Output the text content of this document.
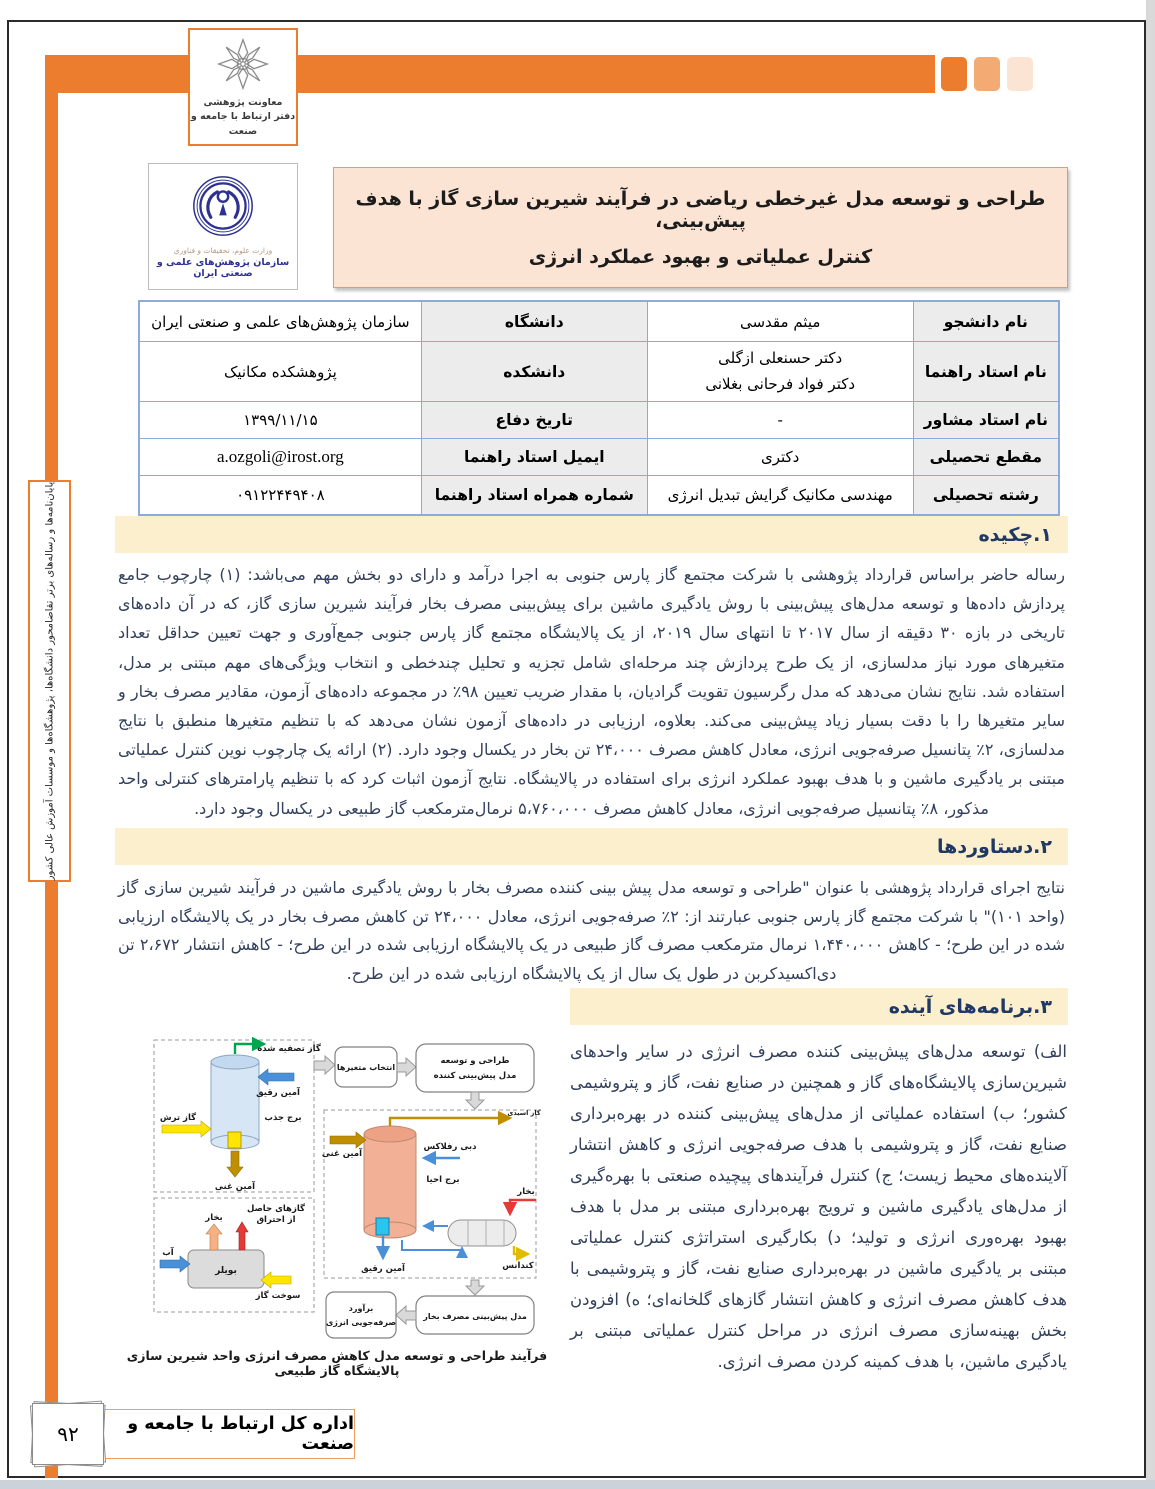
معاونت پژوهشی
دفتر ارتباط با جامعه و صنعت
پایان‌نامه‌ها و رساله‌های برتر تقاضامحور دانشگاه‌ها، پژوهشگاه‌ها و موسسات آموزش عالی کشور
وزارت علوم، تحقیقات و فناوری
سازمان پژوهش‌های علمی و صنعتی ایران
طراحی و توسعه مدل غیرخطی ریاضی در فرآیند شیرین سازی گاز با هدف پیش‌بینی،
کنترل عملیاتی و بهبود عملکرد انرژی
نام دانشجو
میثم مقدسی
دانشگاه
سازمان پژوهش‌های علمی و صنعتی ایران
نام استاد راهنما
دکتر حسنعلی ازگلی
دکتر فواد فرحانی بغلانی
دانشکده
پژوهشکده مکانیک
نام استاد مشاور
-
تاریخ دفاع
۱۳۹۹/۱۱/۱۵
مقطع تحصیلی
دکتری
ایمیل استاد راهنما
a.ozgoli@irost.org
رشته تحصیلی
مهندسی مکانیک گرایش تبدیل انرژی
شماره همراه استاد راهنما
۰۹۱۲۲۴۴۹۴۰۸
۱.چکیده
رساله حاضر براساس قرارداد پژوهشی با شرکت مجتمع گاز پارس جنوبی به اجرا درآمد و دارای دو بخش مهم می‌باشد: (۱) چارچوب جامع پردازش داده‌ها و توسعه مدل‌های پیش‌بینی با روش یادگیری ماشین برای پیش‌بینی مصرف بخار فرآیند شیرین سازی گاز، که در آن داده‌های تاریخی در بازه ۳۰ دقیقه از سال ۲۰۱۷ تا انتهای سال ۲۰۱۹، از یک پالایشگاه مجتمع گاز پارس جنوبی جمع‌آوری و جهت تعیین حداقل تعداد متغیرهای مورد نیاز مدلسازی، از یک طرح پردازش چند مرحله‌ای شامل تجزیه و تحلیل چندخطی و انتخاب ویژگی‌های مهم مبتنی بر مدل، استفاده شد. نتایج نشان می‌دهد که مدل رگرسیون تقویت گرادیان، با مقدار ضریب تعیین ۹۸٪ در مجموعه داده‌های آزمون، مقادیر مصرف بخار و سایر متغیرها را با دقت بسیار زیاد پیش‌بینی می‌کند. بعلاوه، ارزیابی در داده‌های آزمون نشان می‌دهد که با تنظیم متغیرها منطبق با نتایج مدلسازی، ۲٪ پتانسیل صرفه‌جویی انرژی، معادل کاهش مصرف ۲۴،۰۰۰ تن بخار در یکسال وجود دارد. (۲) ارائه یک چارچوب نوین کنترل عملیاتی مبتنی بر یادگیری ماشین و با هدف بهبود عملکرد انرژی برای استفاده در پالایشگاه. نتایج آزمون اثبات کرد که با تنظیم پارامترهای کنترلی واحد مذکور، ۸٪ پتانسیل صرفه‌جویی انرژی، معادل کاهش مصرف ۵،۷۶۰،۰۰۰ نرمال‌مترمکعب گاز طبیعی در یکسال وجود دارد.
۲.دستاوردها
نتایج اجرای قرارداد پژوهشی با عنوان "طراحی و توسعه مدل پیش بینی کننده مصرف بخار با روش یادگیری ماشین در فرآیند شیرین سازی گاز (واحد ۱۰۱)" با شرکت مجتمع گاز پارس جنوبی عبارتند از: ۲٪ صرفه‌جویی انرژی، معادل ۲۴،۰۰۰ تن کاهش مصرف بخار در یک پالایشگاه ارزیابی شده در این طرح؛ - کاهش ۱،۴۴۰،۰۰۰ نرمال مترمکعب مصرف گاز طبیعی در یک پالایشگاه ارزیابی شده در این طرح؛ - کاهش انتشار ۲،۶۷۲ تن دی‌اکسیدکربن در طول یک سال از یک پالایشگاه ارزیابی شده در این طرح.
۳.برنامه‌های آینده
الف) توسعه مدل‌های پیش‌بینی کننده مصرف انرژی در سایر واحدهای شیرین‌سازی پالایشگاه‌های گاز و همچنین در صنایع نفت، گاز و پتروشیمی کشور؛ ب) استفاده عملیاتی از مدل‌های پیش‌بینی کننده در بهره‌برداری صنایع نفت، گاز و پتروشیمی با هدف صرفه‌جویی انرژی و کاهش انتشار آلاینده‌های محیط زیست؛ ج) کنترل فرآیندهای پیچیده صنعتی با بهره‌گیری از مدل‌های یادگیری ماشین و ترویج بهره‌برداری مبتنی بر مدل با هدف بهبود بهره‌وری انرژی و تولید؛ د) بکارگیری استراتژی کنترل عملیاتی مبتنی بر یادگیری ماشین در بهره‌برداری صنایع نفت، گاز و پتروشیمی با هدف کاهش مصرف انرژی و کاهش انتشار گازهای گلخانه‌ای؛ ه) افزودن بخش بهینه‌سازی مصرف انرژی در مراحل کنترل عملیاتی مبتنی بر یادگیری ماشین، با هدف کمینه کردن مصرف انرژی.
گاز تصفیه شده
آمین رقیق
برج جذب
گاز ترش
آمین غنی
بخار
گازهای حاصل
از احتراق
آب
بویلر
سوخت گاز
انتخاب متغیرها
طراحی و توسعه
مدل پیش‌بینی کننده
گاز اسیدی
آمین غنی
دبی رفلاکس
برج احیا
بخار
کندانس
آمین رقیق
مدل پیش‌بینی مصرف بخار
برآورد
صرفه‌جویی انرژی
فرآیند طراحی و توسعه مدل کاهش مصرف انرژی واحد شیرین سازی پالایشگاه گاز طبیعی
اداره کل ارتباط با جامعه و صنعت
۹۲
